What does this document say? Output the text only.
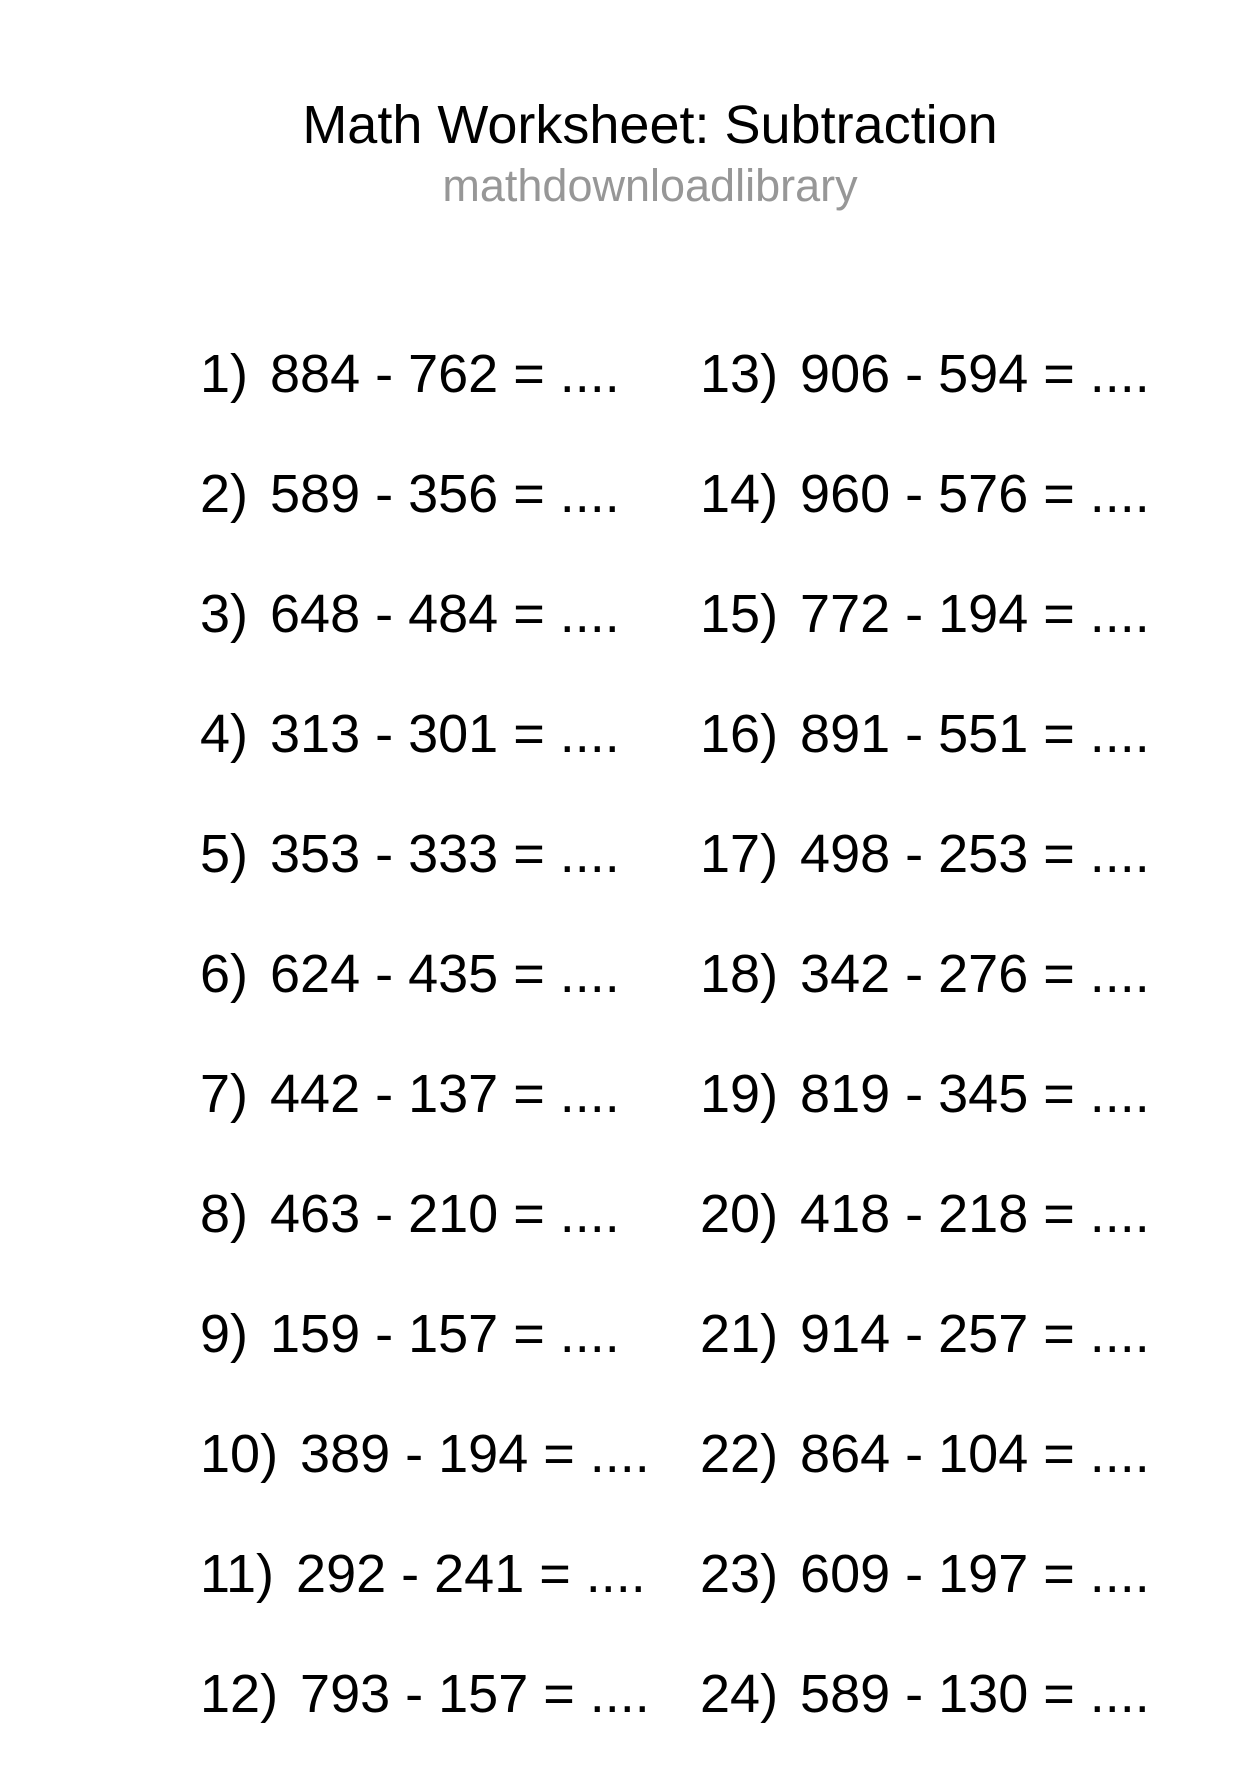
Math Worksheet: Subtraction
mathdownloadlibrary
1) 884 - 762 = ....
2) 589 - 356 = ....
3) 648 - 484 = ....
4) 313 - 301 = ....
5) 353 - 333 = ....
6) 624 - 435 = ....
7) 442 - 137 = ....
8) 463 - 210 = ....
9) 159 - 157 = ....
10) 389 - 194 = ....
11) 292 - 241 = ....
12) 793 - 157 = ....
13) 906 - 594 = ....
14) 960 - 576 = ....
15) 772 - 194 = ....
16) 891 - 551 = ....
17) 498 - 253 = ....
18) 342 - 276 = ....
19) 819 - 345 = ....
20) 418 - 218 = ....
21) 914 - 257 = ....
22) 864 - 104 = ....
23) 609 - 197 = ....
24) 589 - 130 = ....
